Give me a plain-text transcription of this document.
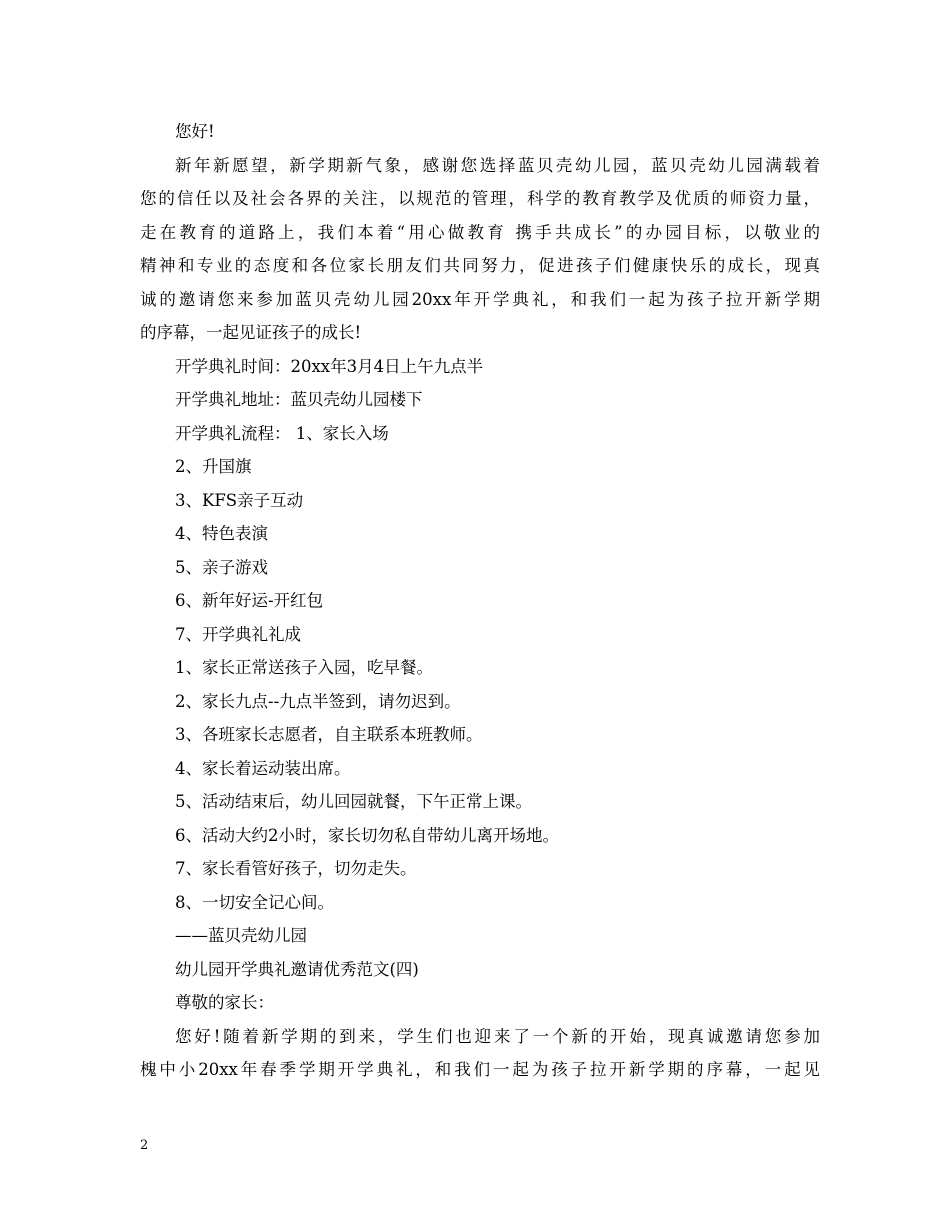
您好!
新年新愿望，新学期新气象，感谢您选择蓝贝壳幼儿园，蓝贝壳幼儿园满载着
您的信任以及社会各界的关注，以规范的管理，科学的教育教学及优质的师资力量，
走在教育的道路上，我们本着“用心做教育 携手共成长”的办园目标，以敬业的
精神和专业的态度和各位家长朋友们共同努力，促进孩子们健康快乐的成长，现真
诚的邀请您来参加蓝贝壳幼儿园20xx年开学典礼，和我们一起为孩子拉开新学期
的序幕，一起见证孩子的成长!
开学典礼时间：20xx年3月4日上午九点半
开学典礼地址：蓝贝壳幼儿园楼下
开学典礼流程： 1、家长入场
2、升国旗
3、KFS亲子互动
4、特色表演
5、亲子游戏
6、新年好运-开红包
7、开学典礼礼成
1、家长正常送孩子入园，吃早餐。
2、家长九点--九点半签到，请勿迟到。
3、各班家长志愿者，自主联系本班教师。
4、家长着运动装出席。
5、活动结束后，幼儿回园就餐，下午正常上课。
6、活动大约2小时，家长切勿私自带幼儿离开场地。
7、家长看管好孩子，切勿走失。
8、一切安全记心间。
——蓝贝壳幼儿园
幼儿园开学典礼邀请优秀范文(四)
尊敬的家长：
您好!随着新学期的到来，学生们也迎来了一个新的开始，现真诚邀请您参加
槐中小20xx年春季学期开学典礼，和我们一起为孩子拉开新学期的序幕，一起见
2
